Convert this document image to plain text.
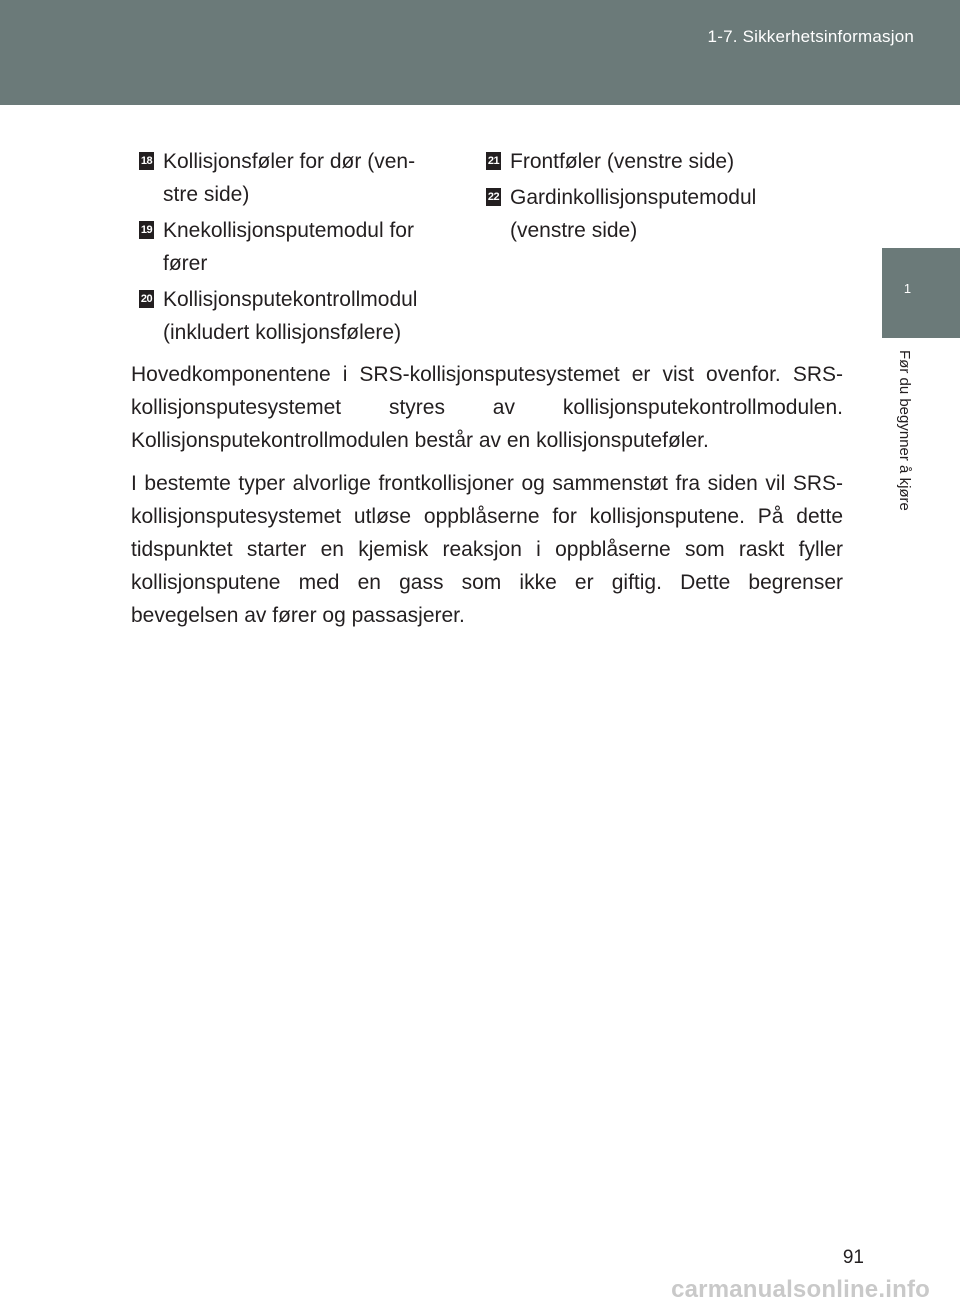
1-7. Sikkerhetsinformasjon
1
Før du begynner å kjøre
18 Kollisjonsføler for dør (ven-
stre side)
19 Knekollisjonsputemodul for
fører
20 Kollisjonsputekontrollmodul
(inkludert kollisjonsfølere)
21 Frontføler (venstre side)
22 Gardinkollisjonsputemodul
(venstre side)

Hovedkomponentene i SRS-kollisjonsputesystemet er vist ovenfor. SRS-kollisjonsputesystemet styres av kollisjonsputekontrollmodulen. Kollisjonsputekontrollmodulen består av en kollisjonsputeføler.

I bestemte typer alvorlige frontkollisjoner og sammenstøt fra siden vil SRS-kollisjonsputesystemet utløse oppblåserne for kollisjonsputene. På dette tidspunktet starter en kjemisk reaksjon i oppblåserne som raskt fyller kollisjonsputene med en gass som ikke er giftig. Dette begrenser bevegelsen av fører og passasjerer.

91
carmanualsonline.info
